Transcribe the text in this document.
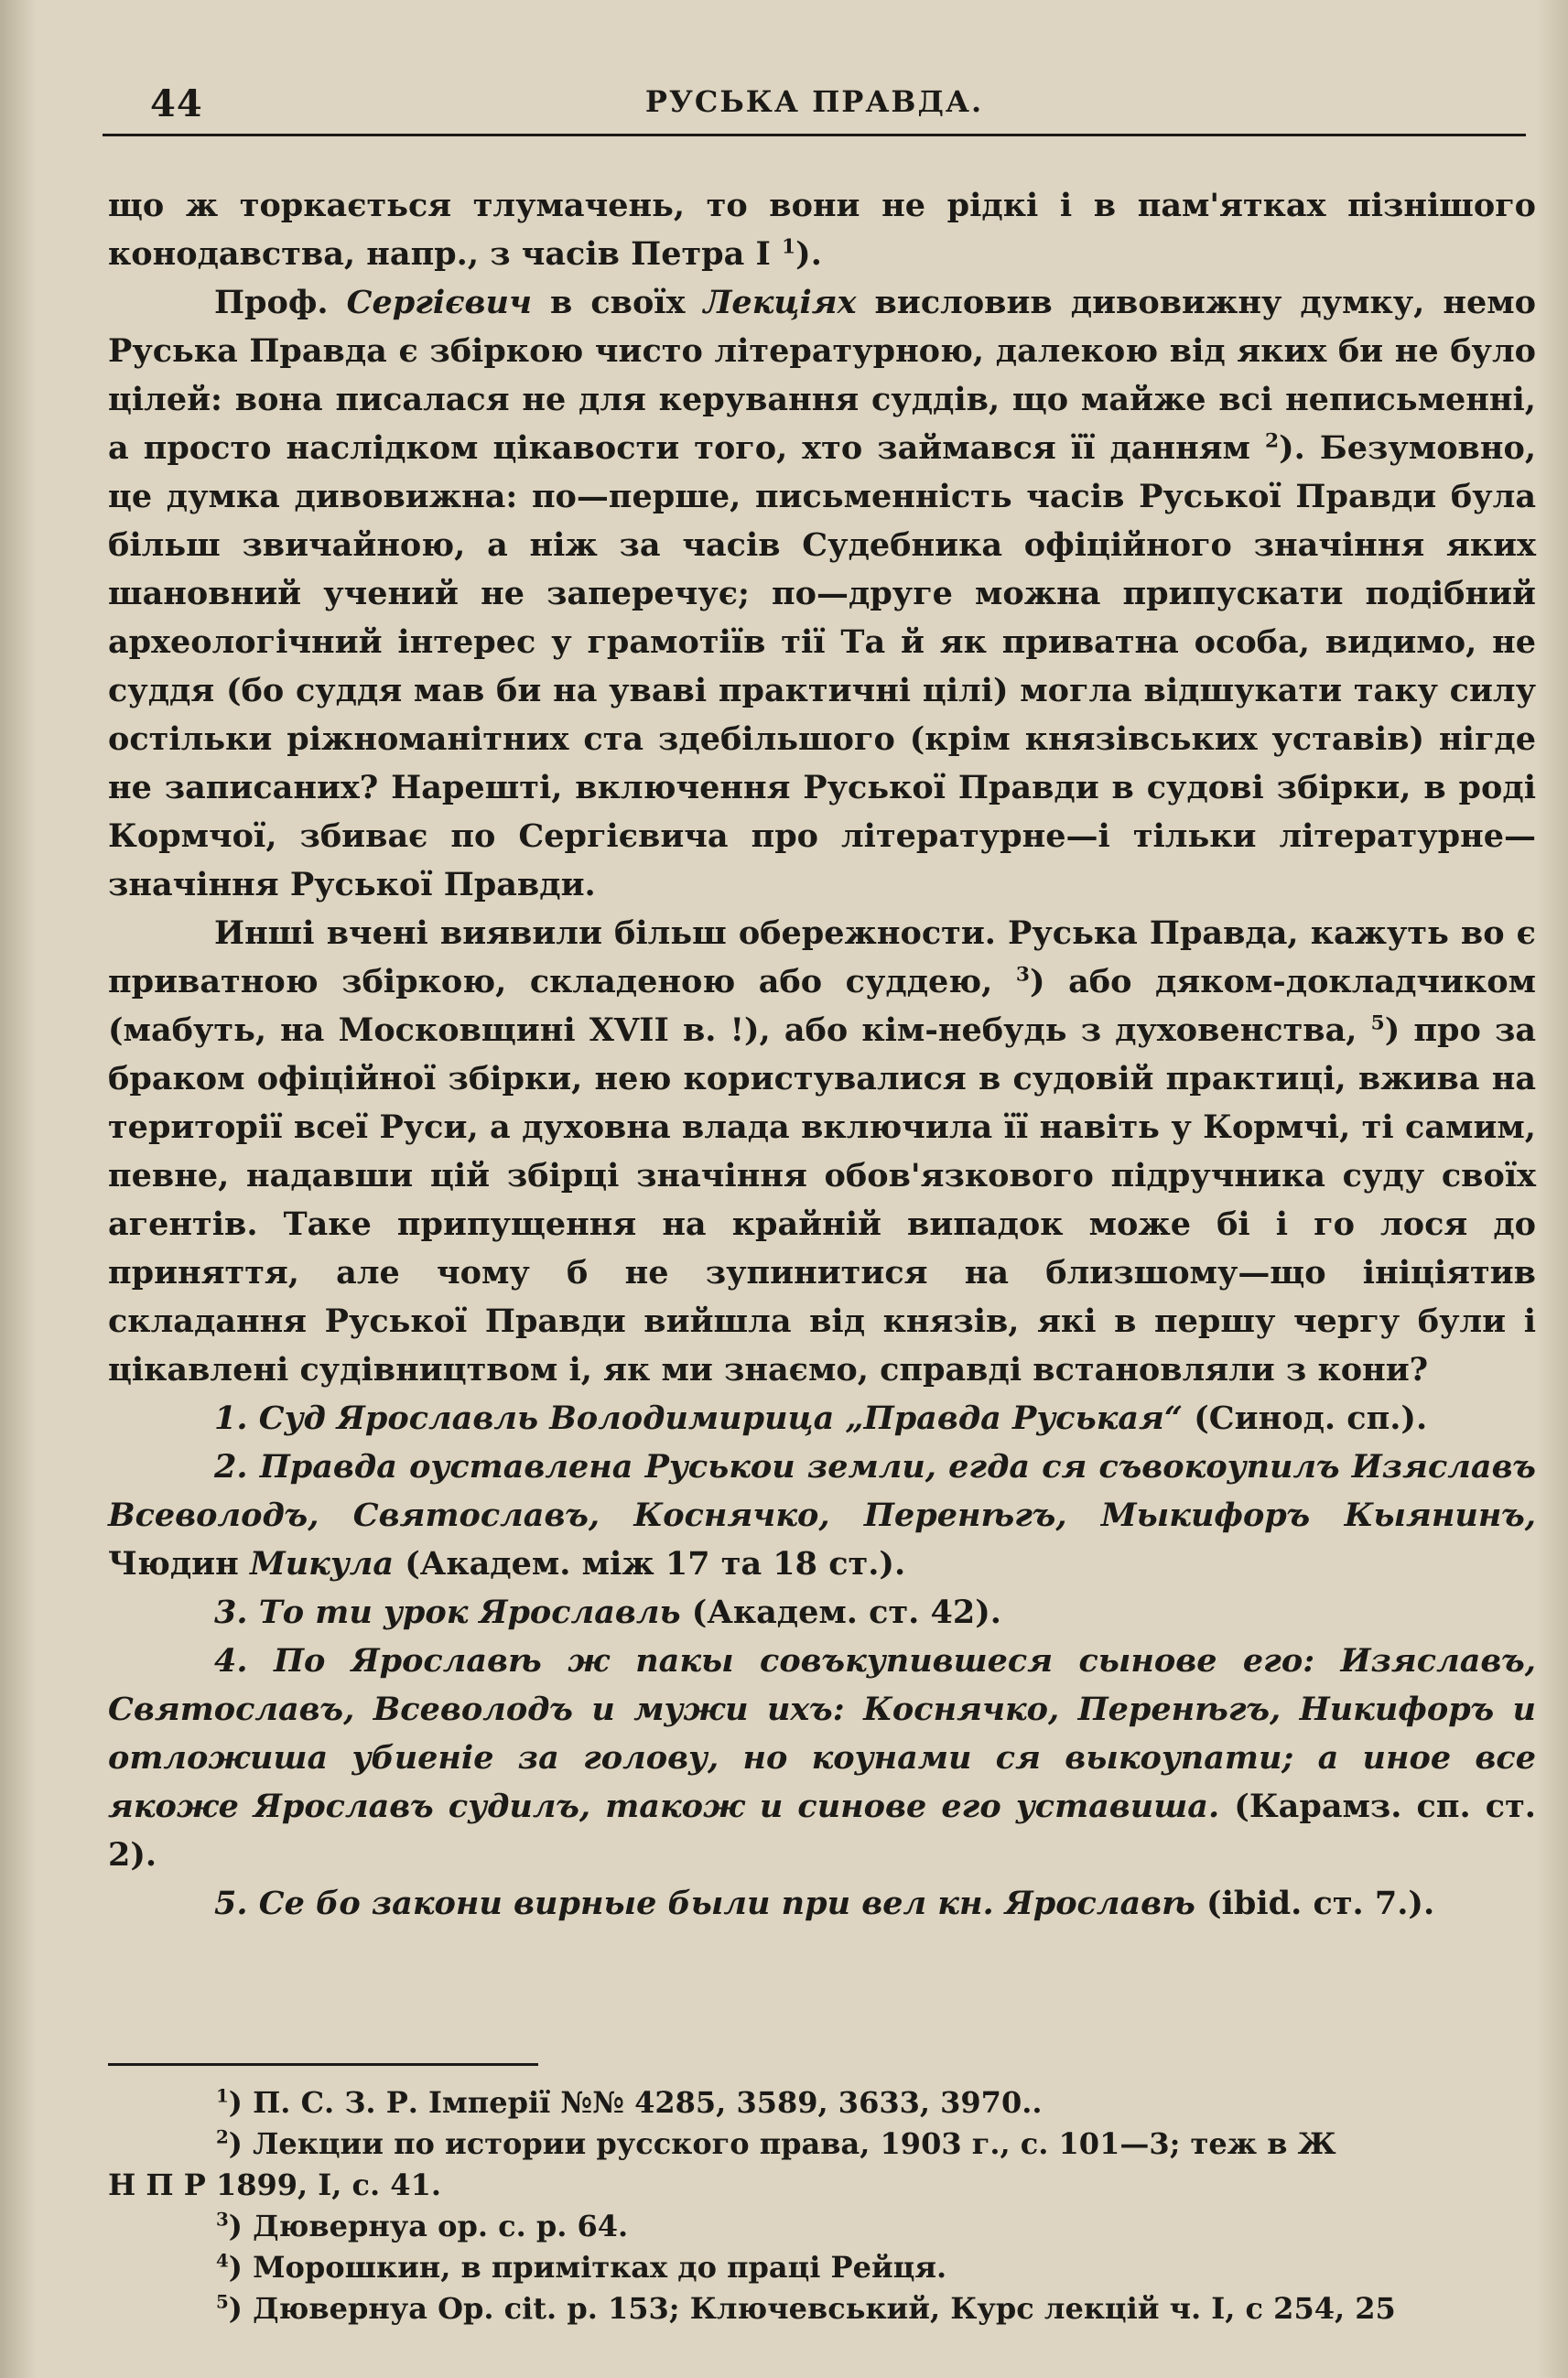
44	РУСЬКА ПРАВДА.

що ж торкається тлумачень, то вони не рідкі і в пам'ятках пізнішого конодавства, напр., з часів Петра I $^1$).

Проф. Сергієвич в своїх Лекціях висловив дивовижну думку, немо Руська Правда є збіркою чисто літературною, далекою від яких би не було цілей: вона писалася не для керування суддів, що майже всі неписьменні, а просто наслідком цікавости того, хто займався її данням $^2$). Безумовно, це думка дивовижна: по—перше, письменність часів Руської Правди була більш звичайною, а ніж за часів Судебника офіційного значіння яких шановний учений не заперечує; по—друге можна припускати подібний археологічний інтерес у грамотіїв тії Та й як приватна особа, видимо, не суддя (бо суддя мав би на уваві практичні цілі) могла відшукати таку силу остільки ріжноманітних ста здебільшого (крім князівських уставів) нігде не записаних? Нарешті, включення Руської Правди в судові збірки, в роді Кормчої, збиває по Сергієвича про літературне—і тільки літературне—значіння Руської Правди.

Инші вчені виявили більш обережности. Руська Правда, кажуть во є приватною збіркою, складеною або суддею, $^3$) або дяком-докладчиком (мабуть, на Московщині XVII в. !), або кім-небудь з духовенства, $^5$) про за браком офіційної збірки, нею користувалися в судовій практиці, вжива на території всеї Руси, а духовна влада включила її навіть у Кормчі, ті самим, певне, надавши цій збірці значіння обов'язкового підручника суду своїх агентів. Таке припущення на крайній випадок може бі і го лося до приняття, але чому б не зупинитися на близшому—що ініціятив складання Руської Правди вийшла від князів, які в першу чергу були і цікавлені судівництвом і, як ми знаємо, справді встановляли з кони?

1. Суд Ярославль Володимирица „Правда Руськая“ (Синод. сп.).

2. Правда оуставлена Руськои земли, егда ся съвокоупилъ Изяславъ Всеволодъ, Святославъ, Коснячко, Перенѣгъ, Мыкифоръ Кыянинъ, Чюдин Микула (Академ. між 17 та 18 ст.).

3. То ти урок Ярославль (Академ. ст. 42).

4. По Ярославѣ ж пакы совъкупившеся сынове его: Изяславъ, Святославъ, Всеволодъ и мужи ихъ: Коснячко, Перенѣгъ, Никифоръ и отложиша убиеніе за голову, но коунами ся выкоупати; а иное все якоже Ярославъ судилъ, також и синове его уставиша. (Карамз. сп. ст. 2).

5. Се бо закони вирные были при вел кн. Ярославѣ (ibid. ст. 7.).

$^1$) П. С. З. Р. Імперії №№ 4285, 3589, 3633, 3970..

$^2$) Лекции по истории русского права, 1903 г., с. 101—3; теж в Ж

Н П Р 1899, I, с. 41.

$^3$) Дювернуа ор. с. р. 64.

$^4$) Морошкин, в примітках до праці Рейця.

$^5$) Дювернуа Ор. cit. р. 153; Ключевський, Курс лекцій ч. I, с 254, 25
